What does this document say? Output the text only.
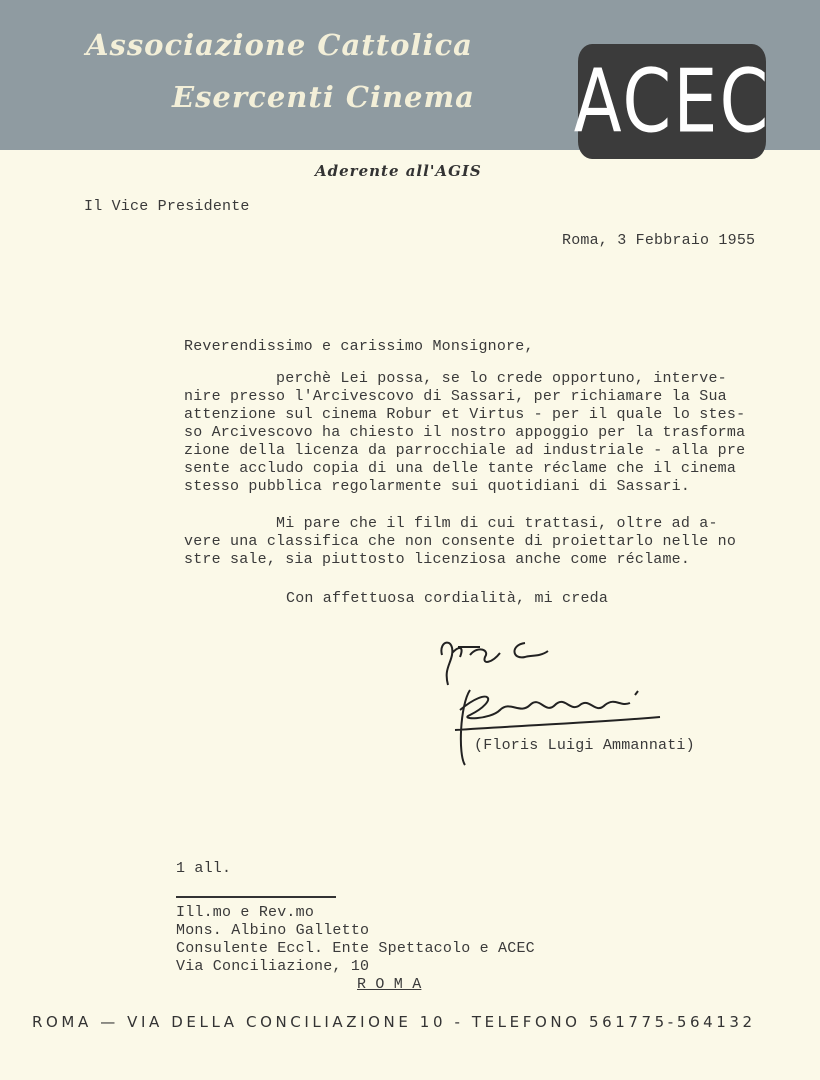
Associazione Cattolica
Esercenti Cinema ACEC
Aderente all'AGIS
Il Vice Presidente
Roma, 3 Febbraio 1955
Reverendissimo e carissimo Monsignore,
perchè Lei possa, se lo crede opportuno, interve-
nire presso l'Arcivescovo di Sassari, per richiamare la Sua
attenzione sul cinema Robur et Virtus - per il quale lo stes-
so Arcivescovo ha chiesto il nostro appoggio per la trasforma
zione della licenza da parrocchiale ad industriale - alla pre
sente accludo copia di una delle tante réclame che il cinema
stesso pubblica regolarmente sui quotidiani di Sassari.
Mi pare che il film di cui trattasi, oltre ad a-
vere una classifica che non consente di proiettarlo nelle no
stre sale, sia piuttosto licenziosa anche come réclame.
Con affettuosa cordialità, mi creda
(Floris Luigi Ammannati)
1 all.
Ill.mo e Rev.mo
Mons. Albino Galletto
Consulente Eccl. Ente Spettacolo e ACEC
Via Conciliazione, 10
R O M A
ROMA — VIA DELLA CONCILIAZIONE 10 - TELEFONO 561775-564132
